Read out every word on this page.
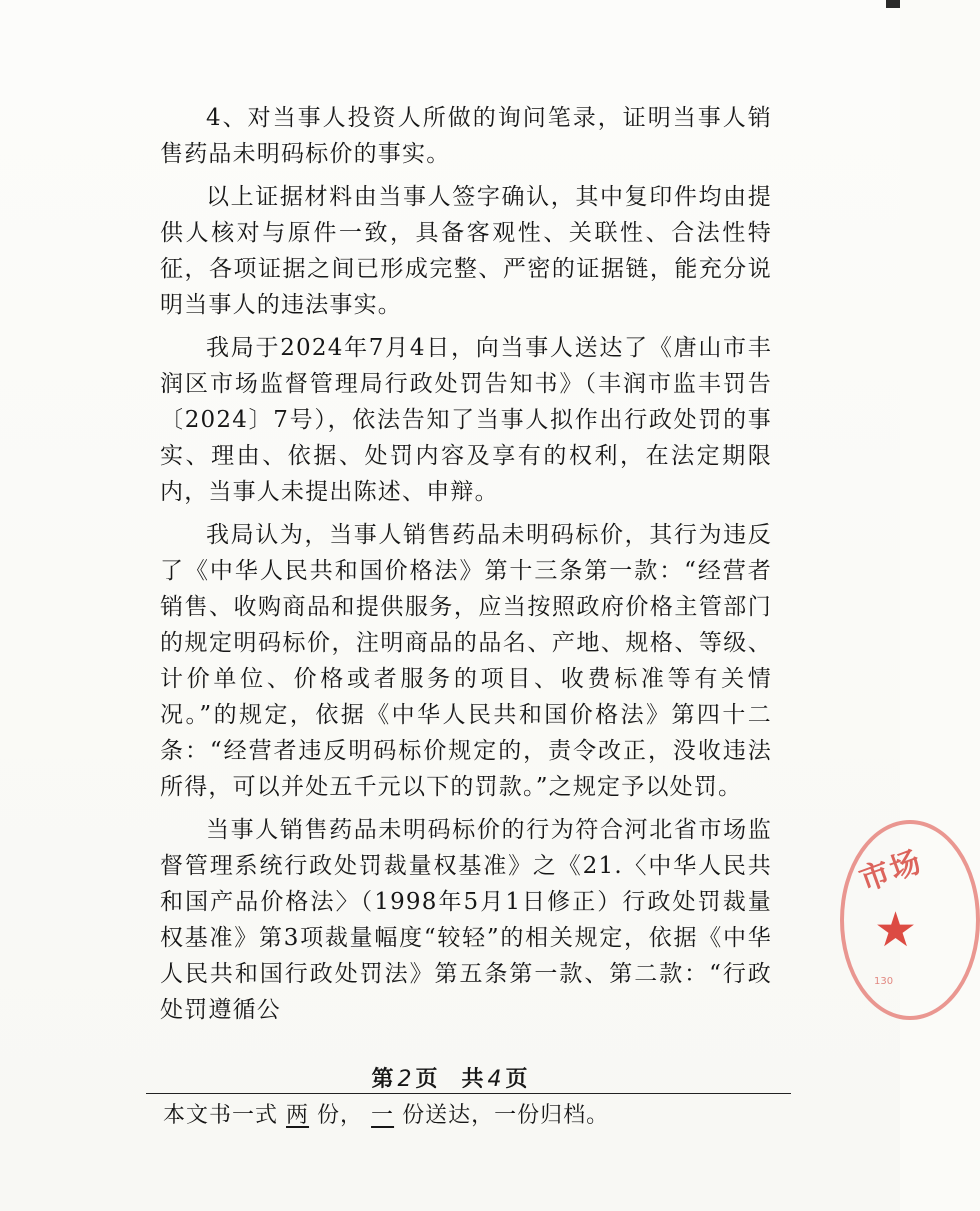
4、对当事人投资人所做的询问笔录，证明当事人销售药品未明码标价的事实。

以上证据材料由当事人签字确认，其中复印件均由提供人核对与原件一致，具备客观性、关联性、合法性特征，各项证据之间已形成完整、严密的证据链，能充分说明当事人的违法事实。

我局于2024年7月4日，向当事人送达了《唐山市丰润区市场监督管理局行政处罚告知书》（丰润市监丰罚告〔2024〕7号），依法告知了当事人拟作出行政处罚的事实、理由、依据、处罚内容及享有的权利，在法定期限内，当事人未提出陈述、申辩。

我局认为，当事人销售药品未明码标价，其行为违反了《中华人民共和国价格法》第十三条第一款：“经营者销售、收购商品和提供服务，应当按照政府价格主管部门的规定明码标价，注明商品的品名、产地、规格、等级、计价单位、价格或者服务的项目、收费标准等有关情况。”的规定，依据《中华人民共和国价格法》第四十二条：“经营者违反明码标价规定的，责令改正，没收违法所得，可以并处五千元以下的罚款。”之规定予以处罚。

当事人销售药品未明码标价的行为符合河北省市场监督管理系统行政处罚裁量权基准》之《21.〈中华人民共和国产品价格法〉（1998年5月1日修正）行政处罚裁量权基准》第3项裁量幅度“较轻”的相关规定，依据《中华人民共和国行政处罚法》第五条第一款、第二款：“行政处罚遵循公

市场
★
130
第 2 页　共 4 页
本文书一式 两 份， 一 份送达，一份归档。
